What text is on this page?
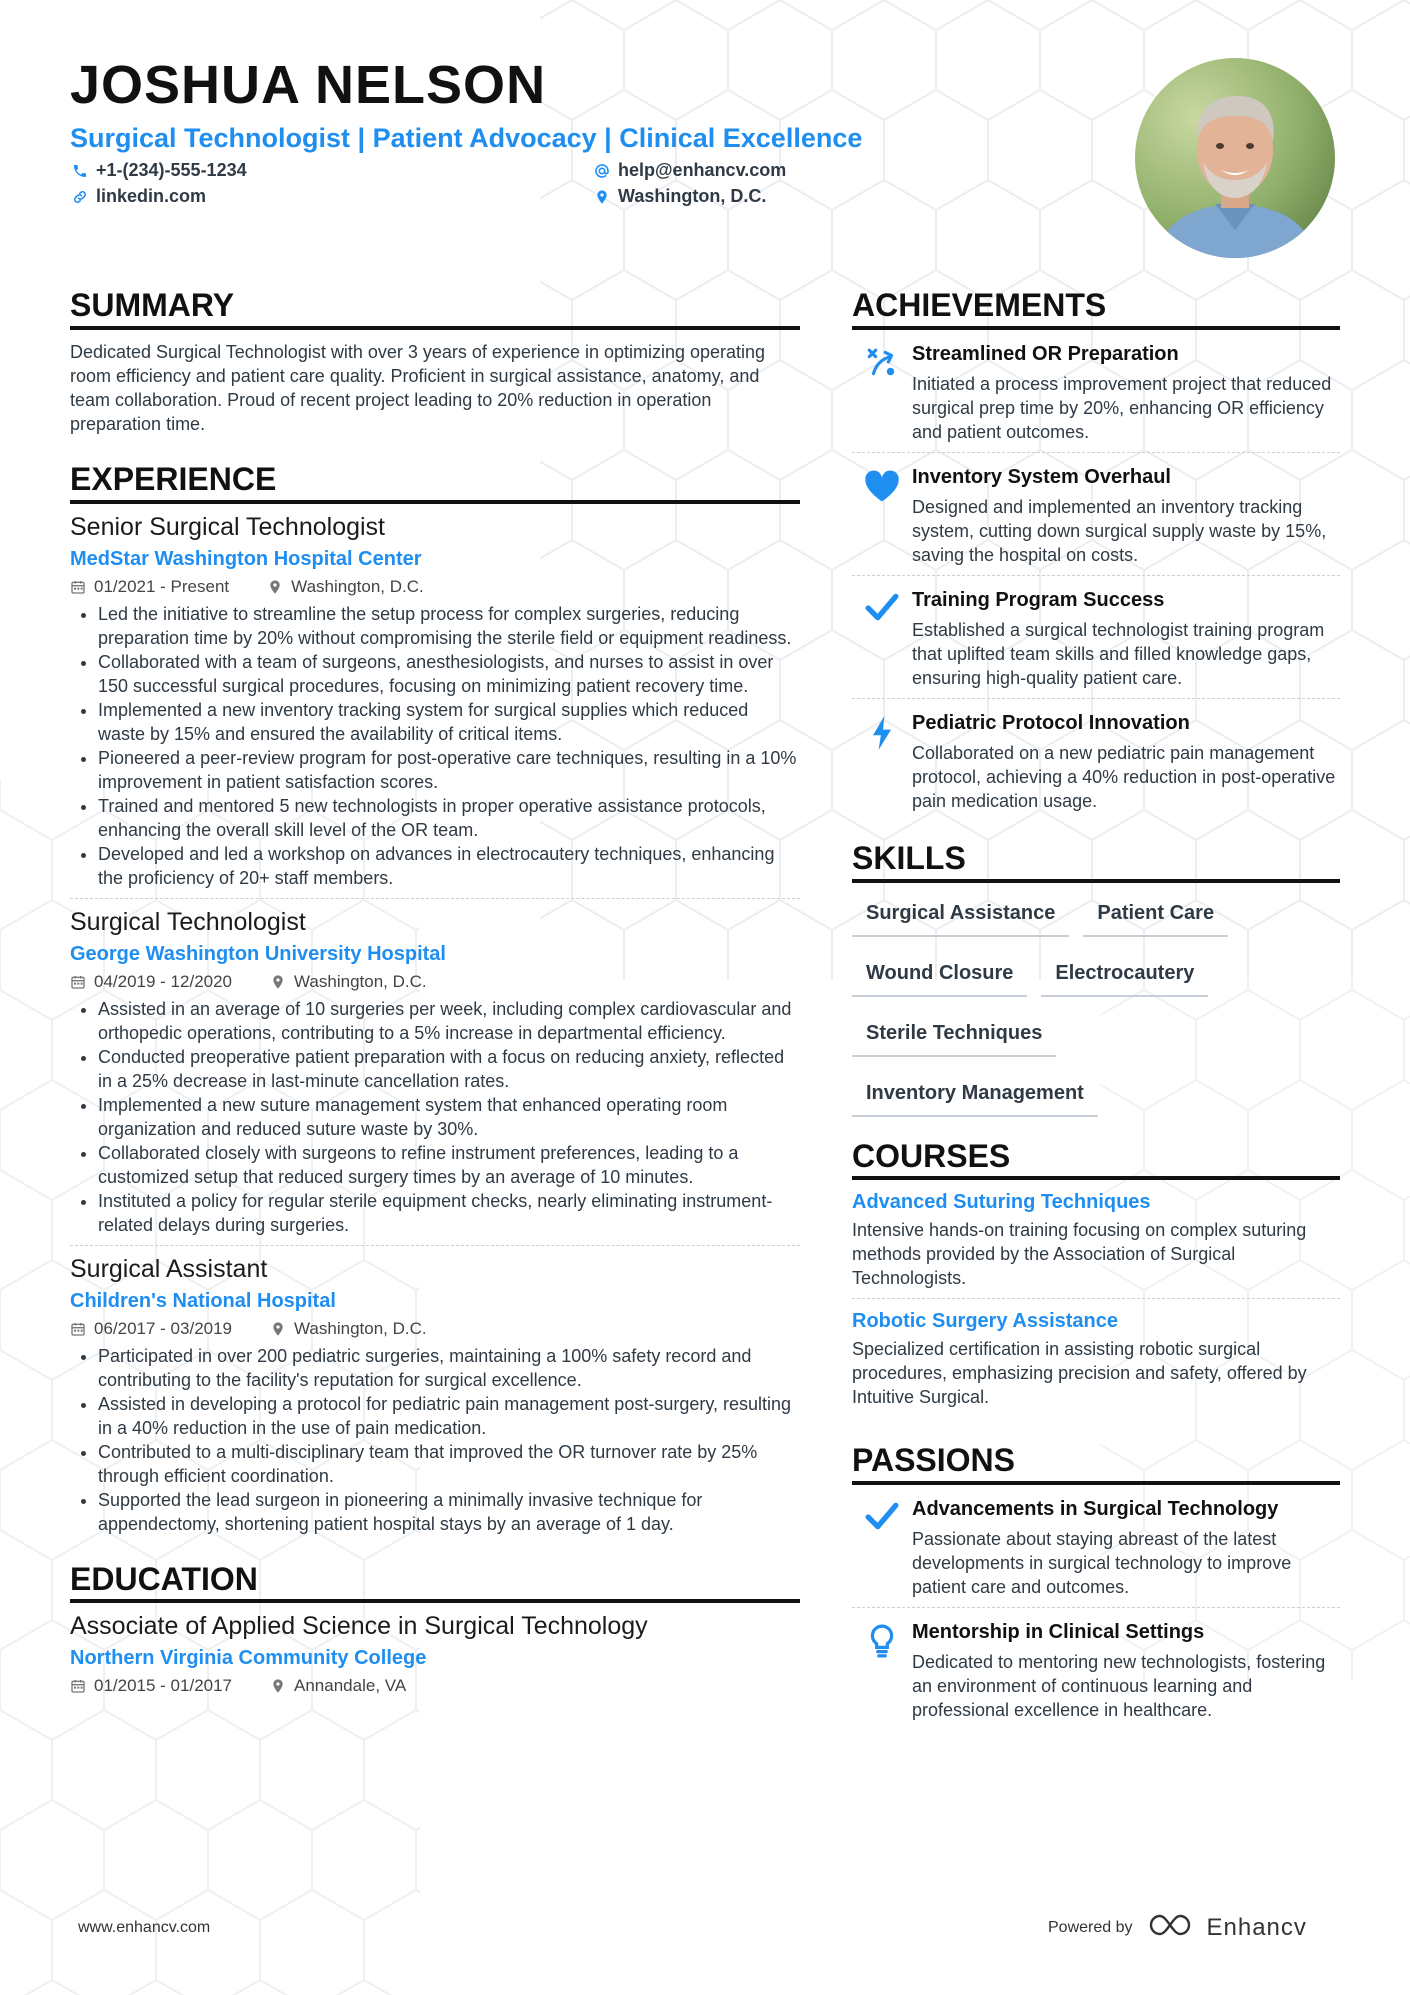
JOSHUA NELSON
Surgical Technologist | Patient Advocacy | Clinical Excellence
+1-(234)-555-1234
linkedin.com
help@enhancv.com
Washington, D.C.
SUMMARY

Dedicated Surgical Technologist with over 3 years of experience in optimizing operating room efficiency and patient care quality. Proficient in surgical assistance, anatomy, and team collaboration. Proud of recent project leading to 20% reduction in operation preparation time.

EXPERIENCE
Senior Surgical Technologist
MedStar Washington Hospital Center
01/2021 - Present	Washington, D.C.
• Led the initiative to streamline the setup process for complex surgeries, reducing preparation time by 20% without compromising the sterile field or equipment readiness.
• Collaborated with a team of surgeons, anesthesiologists, and nurses to assist in over 150 successful surgical procedures, focusing on minimizing patient recovery time.
• Implemented a new inventory tracking system for surgical supplies which reduced waste by 15% and ensured the availability of critical items.
• Pioneered a peer-review program for post-operative care techniques, resulting in a 10% improvement in patient satisfaction scores.
• Trained and mentored 5 new technologists in proper operative assistance protocols, enhancing the overall skill level of the OR team.
• Developed and led a workshop on advances in electrocautery techniques, enhancing the proficiency of 20+ staff members.
Surgical Technologist
George Washington University Hospital
04/2019 - 12/2020	Washington, D.C.
• Assisted in an average of 10 surgeries per week, including complex cardiovascular and orthopedic operations, contributing to a 5% increase in departmental efficiency.
• Conducted preoperative patient preparation with a focus on reducing anxiety, reflected in a 25% decrease in last-minute cancellation rates.
• Implemented a new suture management system that enhanced operating room organization and reduced suture waste by 30%.
• Collaborated closely with surgeons to refine instrument preferences, leading to a customized setup that reduced surgery times by an average of 10 minutes.
• Instituted a policy for regular sterile equipment checks, nearly eliminating instrument-related delays during surgeries.
Surgical Assistant
Children's National Hospital
06/2017 - 03/2019	Washington, D.C.
• Participated in over 200 pediatric surgeries, maintaining a 100% safety record and contributing to the facility's reputation for surgical excellence.
• Assisted in developing a protocol for pediatric pain management post-surgery, resulting in a 40% reduction in the use of pain medication.
• Contributed to a multi-disciplinary team that improved the OR turnover rate by 25% through efficient coordination.
• Supported the lead surgeon in pioneering a minimally invasive technique for appendectomy, shortening patient hospital stays by an average of 1 day.
EDUCATION
Associate of Applied Science in Surgical Technology
Northern Virginia Community College
01/2015 - 01/2017	Annandale, VA
ACHIEVEMENTS
Streamlined OR Preparation
Initiated a process improvement project that reduced surgical prep time by 20%, enhancing OR efficiency and patient outcomes.
Inventory System Overhaul
Designed and implemented an inventory tracking system, cutting down surgical supply waste by 15%, saving the hospital on costs.
Training Program Success
Established a surgical technologist training program that uplifted team skills and filled knowledge gaps, ensuring high-quality patient care.
Pediatric Protocol Innovation
Collaborated on a new pediatric pain management protocol, achieving a 40% reduction in post-operative pain medication usage.
SKILLS
Surgical Assistance	Patient Care
Wound Closure	Electrocautery
Sterile Techniques
Inventory Management
COURSES
Advanced Suturing Techniques
Intensive hands-on training focusing on complex suturing methods provided by the Association of Surgical Technologists.
Robotic Surgery Assistance
Specialized certification in assisting robotic surgical procedures, emphasizing precision and safety, offered by Intuitive Surgical.
PASSIONS
Advancements in Surgical Technology
Passionate about staying abreast of the latest developments in surgical technology to improve patient care and outcomes.
Mentorship in Clinical Settings
Dedicated to mentoring new technologists, fostering an environment of continuous learning and professional excellence in healthcare.
www.enhancv.com	Powered by	Enhancv
